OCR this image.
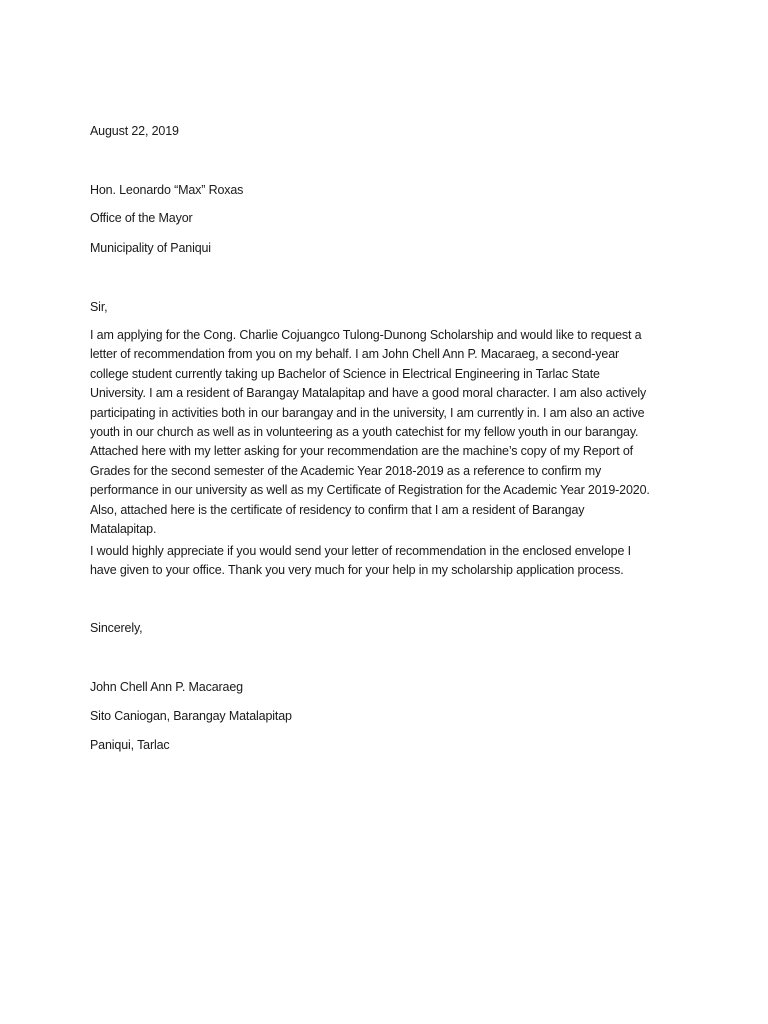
August 22, 2019
Hon. Leonardo “Max” Roxas
Office of the Mayor
Municipality of Paniqui
Sir,
I am applying for the Cong. Charlie Cojuangco Tulong-Dunong Scholarship and would like to request a
letter of recommendation from you on my behalf. I am John Chell Ann P. Macaraeg, a second-year
college student currently taking up Bachelor of Science in Electrical Engineering in Tarlac State
University. I am a resident of Barangay Matalapitap and have a good moral character. I am also actively
participating in activities both in our barangay and in the university, I am currently in. I am also an active
youth in our church as well as in volunteering as a youth catechist for my fellow youth in our barangay.
Attached here with my letter asking for your recommendation are the machine’s copy of my Report of
Grades for the second semester of the Academic Year 2018-2019 as a reference to confirm my
performance in our university as well as my Certificate of Registration for the Academic Year 2019-2020.
Also, attached here is the certificate of residency to confirm that I am a resident of Barangay
Matalapitap.
I would highly appreciate if you would send your letter of recommendation in the enclosed envelope I
have given to your office. Thank you very much for your help in my scholarship application process.
Sincerely,
John Chell Ann P. Macaraeg
Sito Caniogan, Barangay Matalapitap
Paniqui, Tarlac
